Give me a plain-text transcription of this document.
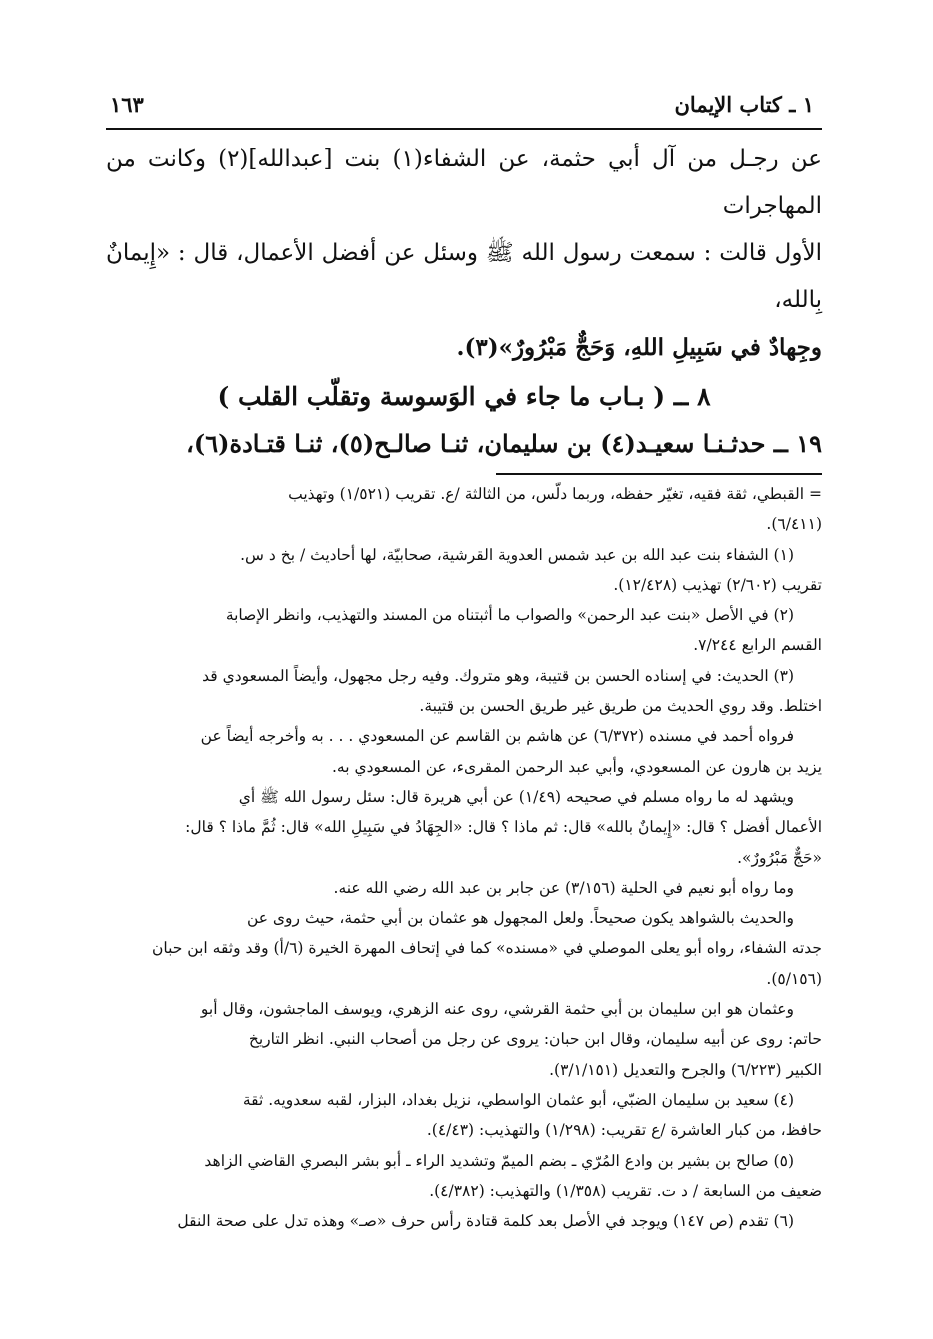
١ ـ كتاب الإيمان
١٦٣

عن رجـل من آل أبي حثمة، عن الشفاء(١) بنت [عبدالله](٢) وكانت من المهاجرات

الأول قالت : سمعت رسول الله ﷺ وسئل عن أفضل الأعمال، قال : «إِيمانٌ بِالله،

وجِهادٌ في سَبِيلِ اللهِ، وَحَجٌّ مَبْرُورٌ»(٣).

٨ ــ ( بـاب ما جاء في الوَسوسة وتقلّب القلب )
١٩ ــ حدثـنـا سعيـد(٤) بن سليمان، ثنـا صالـح(٥)، ثنـا قتـادة(٦)،

= القبطي، ثقة فقيه، تغيّر حفظه، وربما دلّس، من الثالثة /ع. تقريب (١/٥٢١) وتهذيب

(٦/٤١١).

(١) الشفاء بنت عبد الله بن عبد شمس العدوية القرشية، صحابيّة، لها أحاديث / بخ د س.

تقريب (٢/٦٠٢) تهذيب (١٢/٤٢٨).

(٢) في الأصل «بنت عبد الرحمن» والصواب ما أثبتناه من المسند والتهذيب، وانظر الإصابة

القسم الرابع ٧/٢٤٤.

(٣) الحديث: في إسناده الحسن بن قتيبة، وهو متروك. وفيه رجل مجهول، وأيضاً المسعودي قد

اختلط. وقد روي الحديث من طريق غير طريق الحسن بن قتيبة.

فرواه أحمد في مسنده (٦/٣٧٢) عن هاشم بن القاسم عن المسعودي . . . به وأخرجه أيضاً عن

يزيد بن هارون عن المسعودي، وأبي عبد الرحمن المقرىء، عن المسعودي به.

ويشهد له ما رواه مسلم في صحيحه (١/٤٩) عن أبي هريرة قال: سئل رسول الله ﷺ أي

الأعمال أفضل ؟ قال: «إِيمانٌ بالله» قال: ثم ماذا ؟ قال: «الجِهَادُ في سَبِيلِ الله» قال: ثُمَّ ماذا ؟ قال:

«حَجٌّ مَبْرُورٌ».

وما رواه أبو نعيم في الحلية (٣/١٥٦) عن جابر بن عبد الله رضي الله عنه.

والحديث بالشواهد يكون صحيحاً. ولعل المجهول هو عثمان بن أبي حثمة، حيث روى عن

جدته الشفاء، رواه أبو يعلى الموصلي في «مسنده» كما في إتحاف المهرة الخيرة (٦/أ) وقد وثقه ابن حبان

(٥/١٥٦).

وعثمان هو ابن سليمان بن أبي حثمة القرشي، روى عنه الزهري، ويوسف الماجشون، وقال أبو

حاتم: روى عن أبيه سليمان، وقال ابن حبان: يروى عن رجل من أصحاب النبي. انظر التاريخ

الكبير (٦/٢٢٣) والجرح والتعديل (٣/١/١٥١).

(٤) سعيد بن سليمان الضبّي، أبو عثمان الواسطي، نزيل بغداد، البزار، لقبه سعدويه. ثقة

حافظ، من كبار العاشرة /ع تقريب: (١/٢٩٨) والتهذيب: (٤/٤٣).

(٥) صالح بن بشير بن وادع المُرّي ـ بضم الميمّ وتشديد الراء ـ أبو بشر البصري القاضي الزاهد

ضعيف من السابعة / د ت. تقريب (١/٣٥٨) والتهذيب: (٤/٣٨٢).

(٦) تقدم (ص ١٤٧) ويوجد في الأصل بعد كلمة قتادة رأس حرف «صـ» وهذه تدل على صحة النقل
